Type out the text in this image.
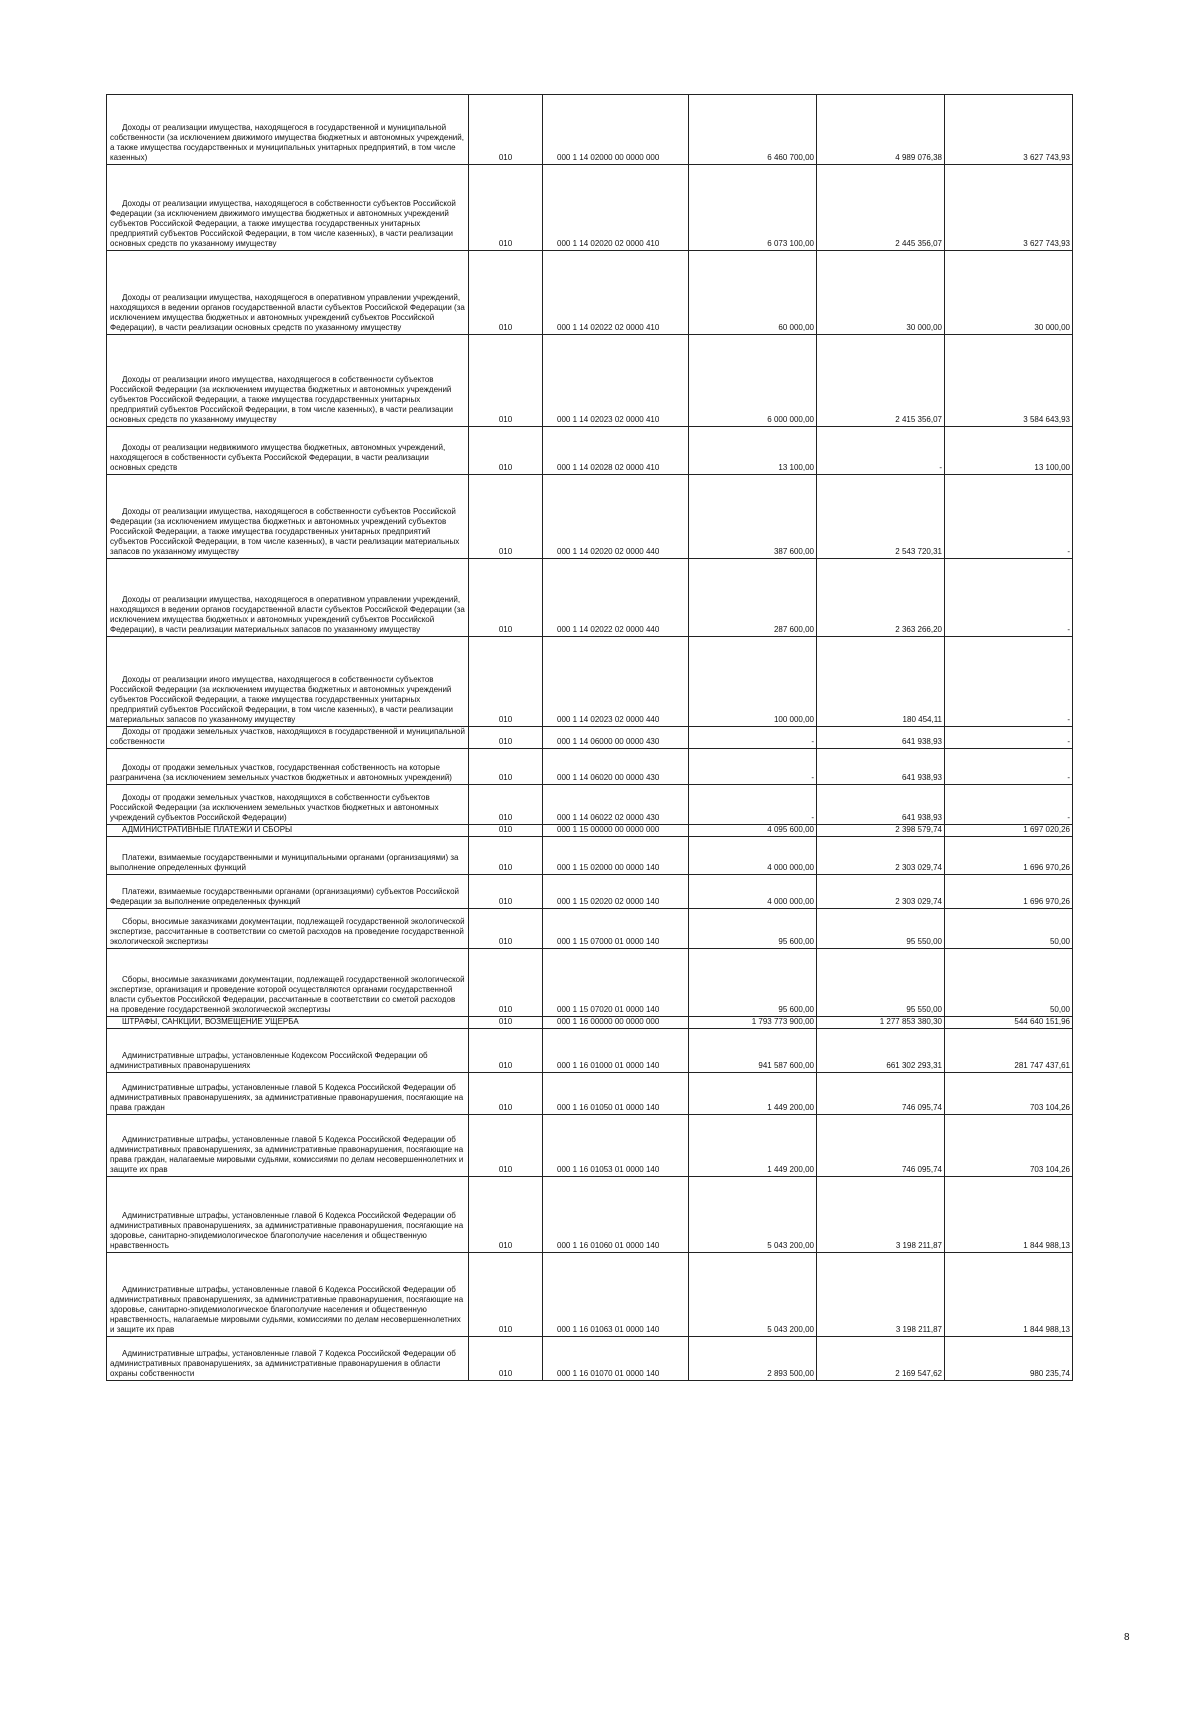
Доходы от реализации имущества, находящегося в государственной и муниципальной собственности (за исключением движимого имущества бюджетных и автономных учреждений, а также имущества государственных и муниципальных унитарных предприятий, в том числе казенных)	010	000 1 14 02000 00 0000 000	6 460 700,00	4 989 076,38	3 627 743,93

Доходы от реализации имущества, находящегося в собственности субъектов Российской Федерации (за исключением движимого имущества бюджетных и автономных учреждений субъектов Российской Федерации, а также имущества государственных унитарных предприятий субъектов Российской Федерации, в том числе казенных), в части реализации основных средств по указанному имуществу	010	000 1 14 02020 02 0000 410	6 073 100,00	2 445 356,07	3 627 743,93

Доходы от реализации имущества, находящегося в оперативном управлении учреждений, находящихся в ведении органов государственной власти субъектов Российской Федерации (за исключением имущества бюджетных и автономных учреждений субъектов Российской Федерации), в части реализации основных средств по указанному имуществу	010	000 1 14 02022 02 0000 410	60 000,00	30 000,00	30 000,00

Доходы от реализации иного имущества, находящегося в собственности субъектов Российской Федерации (за исключением имущества бюджетных и автономных учреждений субъектов Российской Федерации, а также имущества государственных унитарных предприятий субъектов Российской Федерации, в том числе казенных), в части реализации основных средств по указанному имуществу	010	000 1 14 02023 02 0000 410	6 000 000,00	2 415 356,07	3 584 643,93

Доходы от реализации недвижимого имущества бюджетных, автономных учреждений, находящегося в собственности субъекта Российской Федерации, в части реализации основных средств	010	000 1 14 02028 02 0000 410	13 100,00	-	13 100,00

Доходы от реализации имущества, находящегося в собственности субъектов Российской Федерации (за исключением имущества бюджетных и автономных учреждений субъектов Российской Федерации, а также имущества государственных унитарных предприятий субъектов Российской Федерации, в том числе казенных), в части реализации материальных запасов по указанному имуществу	010	000 1 14 02020 02 0000 440	387 600,00	2 543 720,31	-

Доходы от реализации имущества, находящегося в оперативном управлении учреждений, находящихся в ведении органов государственной власти субъектов Российской Федерации (за исключением имущества бюджетных и автономных учреждений субъектов Российской Федерации), в части реализации материальных запасов по указанному имуществу	010	000 1 14 02022 02 0000 440	287 600,00	2 363 266,20	-

Доходы от реализации иного имущества, находящегося в собственности субъектов Российской Федерации (за исключением имущества бюджетных и автономных учреждений субъектов Российской Федерации, а также имущества государственных унитарных предприятий субъектов Российской Федерации, в том числе казенных), в части реализации материальных запасов по указанному имуществу	010	000 1 14 02023 02 0000 440	100 000,00	180 454,11	-

Доходы от продажи земельных участков, находящихся в государственной и муниципальной собственности	010	000 1 14 06000 00 0000 430	-	641 938,93	-

Доходы от продажи земельных участков, государственная собственность на которые разграничена (за исключением земельных участков бюджетных и автономных учреждений)	010	000 1 14 06020 00 0000 430	-	641 938,93	-

Доходы от продажи земельных участков, находящихся в собственности субъектов Российской Федерации (за исключением земельных участков бюджетных и автономных учреждений субъектов Российской Федерации)	010	000 1 14 06022 02 0000 430	-	641 938,93	-

АДМИНИСТРАТИВНЫЕ ПЛАТЕЖИ И СБОРЫ	010	000 1 15 00000 00 0000 000	4 095 600,00	2 398 579,74	1 697 020,26

Платежи, взимаемые государственными и муниципальными органами (организациями) за выполнение определенных функций	010	000 1 15 02000 00 0000 140	4 000 000,00	2 303 029,74	1 696 970,26

Платежи, взимаемые государственными органами (организациями) субъектов Российской Федерации за выполнение определенных функций	010	000 1 15 02020 02 0000 140	4 000 000,00	2 303 029,74	1 696 970,26

Сборы, вносимые заказчиками документации, подлежащей государственной экологической экспертизе, рассчитанные в соответствии со сметой расходов на проведение государственной экологической экспертизы	010	000 1 15 07000 01 0000 140	95 600,00	95 550,00	50,00

Сборы, вносимые заказчиками документации, подлежащей государственной экологической экспертизе, организация и проведение которой осуществляются органами государственной власти субъектов Российской Федерации, рассчитанные в соответствии со сметой расходов на проведение государственной экологической экспертизы	010	000 1 15 07020 01 0000 140	95 600,00	95 550,00	50,00

ШТРАФЫ, САНКЦИИ, ВОЗМЕЩЕНИЕ УЩЕРБА	010	000 1 16 00000 00 0000 000	1 793 773 900,00	1 277 853 380,30	544 640 151,96

Административные штрафы, установленные Кодексом Российской Федерации об административных правонарушениях	010	000 1 16 01000 01 0000 140	941 587 600,00	661 302 293,31	281 747 437,61

Административные штрафы, установленные главой 5 Кодекса Российской Федерации об административных правонарушениях, за административные правонарушения, посягающие на права граждан	010	000 1 16 01050 01 0000 140	1 449 200,00	746 095,74	703 104,26

Административные штрафы, установленные главой 5 Кодекса Российской Федерации об административных правонарушениях, за административные правонарушения, посягающие на права граждан, налагаемые мировыми судьями, комиссиями по делам несовершеннолетних и защите их прав	010	000 1 16 01053 01 0000 140	1 449 200,00	746 095,74	703 104,26

Административные штрафы, установленные главой 6 Кодекса Российской Федерации об административных правонарушениях, за административные правонарушения, посягающие на здоровье, санитарно-эпидемиологическое благополучие населения и общественную нравственность	010	000 1 16 01060 01 0000 140	5 043 200,00	3 198 211,87	1 844 988,13

Административные штрафы, установленные главой 6 Кодекса Российской Федерации об административных правонарушениях, за административные правонарушения, посягающие на здоровье, санитарно-эпидемиологическое благополучие населения и общественную нравственность, налагаемые мировыми судьями, комиссиями по делам несовершеннолетних и защите их прав	010	000 1 16 01063 01 0000 140	5 043 200,00	3 198 211,87	1 844 988,13

Административные штрафы, установленные главой 7 Кодекса Российской Федерации об административных правонарушениях, за административные правонарушения в области охраны собственности	010	000 1 16 01070 01 0000 140	2 893 500,00	2 169 547,62	980 235,74
8
